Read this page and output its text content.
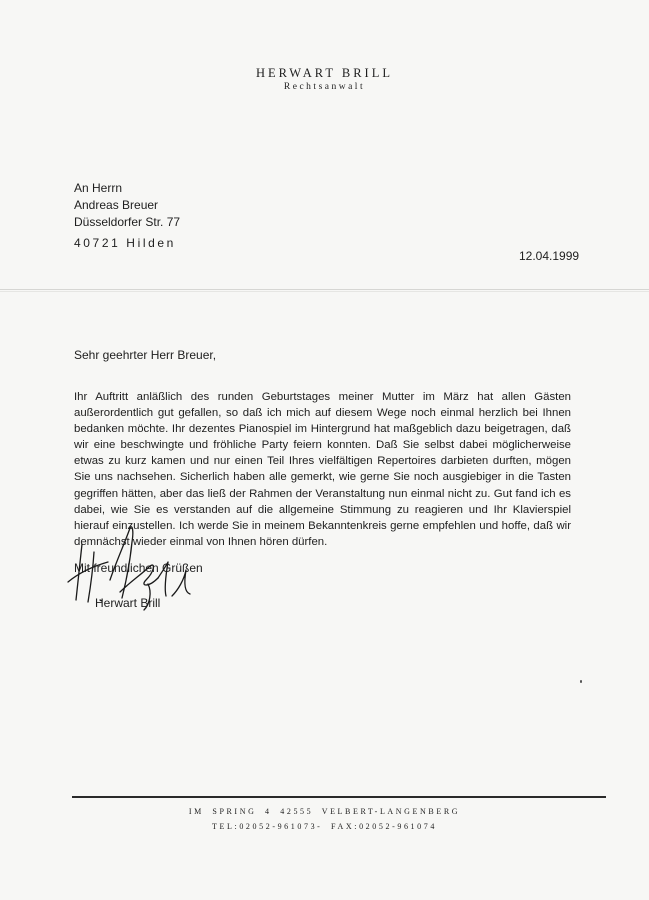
HERWART BRILL
Rechtsanwalt
An Herrn
Andreas Breuer
Düsseldorfer Str. 77
40721 Hilden
12.04.1999
Sehr geehrter Herr Breuer,

Ihr Auftritt anläßlich des runden Geburtstages meiner Mutter im März hat allen Gästen außerordentlich gut gefallen, so daß ich mich auf diesem Wege noch einmal herzlich bei Ihnen bedanken möchte. Ihr dezentes Pianospiel im Hintergrund hat maßgeblich dazu beigetragen, daß wir eine beschwingte und fröhliche Party feiern konnten. Daß Sie selbst dabei möglicherweise etwas zu kurz kamen und nur einen Teil Ihres vielfältigen Repertoires darbieten durften, mögen Sie uns nachsehen. Sicherlich haben alle gemerkt, wie gerne Sie noch ausgiebiger in die Tasten gegriffen hätten, aber das ließ der Rahmen der Veranstaltung nun einmal nicht zu. Gut fand ich es dabei, wie Sie es verstanden auf die allgemeine Stimmung zu reagieren und Ihr Klavierspiel hierauf einzustellen. Ich werde Sie in meinem Bekanntenkreis gerne empfehlen und hoffe, daß wir demnächst wieder einmal von Ihnen hören dürfen.

Mit freundlichen Grüßen
Herwart Brill
IM SPRING 4 42555 VELBERT-LANGENBERG
TEL:02052-961073- FAX:02052-961074
